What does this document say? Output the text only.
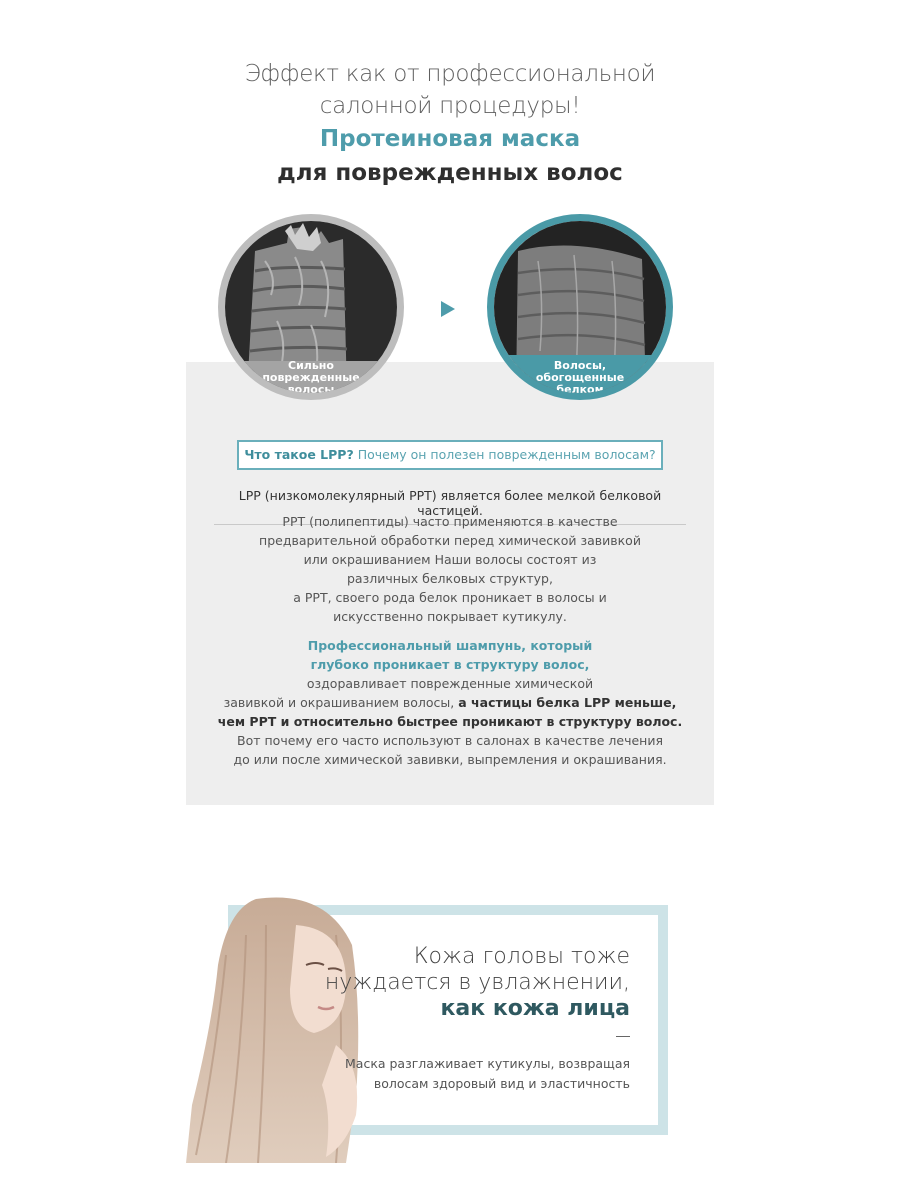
Эффект как от профессиональной
салонной процедуры!
Протеиновая маска
для поврежденных волос
Сильно
поврежденные
волосы
Волосы,
обогощенные
белком
Что такое LPP? Почему он полезен поврежденным волосам?
LPP (низкомолекулярный PPT) является более мелкой белковой частицей.
PPT (полипептиды) часто применяются в качестве
предварительной обработки перед химической завивкой
или окрашиванием Наши волосы состоят из
различных белковых структур,
а PPT, своего рода белок проникает в волосы и
искусственно покрывает кутикулу.
Профессиональный шампунь, который
глубоко проникает в структуру волос,
оздоравливает поврежденные химической
завивкой и окрашиванием волосы, а частицы белка LPP меньше,
чем PPT и относительно быстрее проникают в структуру волос.
Вот почему его часто используют в салонах в качестве лечения
до или после химической завивки, выпремления и окрашивания.
Кожа головы тоже
нуждается в увлажнении,
как кожа лица
Маска разглаживает кутикулы, возвращая
волосам здоровый вид и эластичность
